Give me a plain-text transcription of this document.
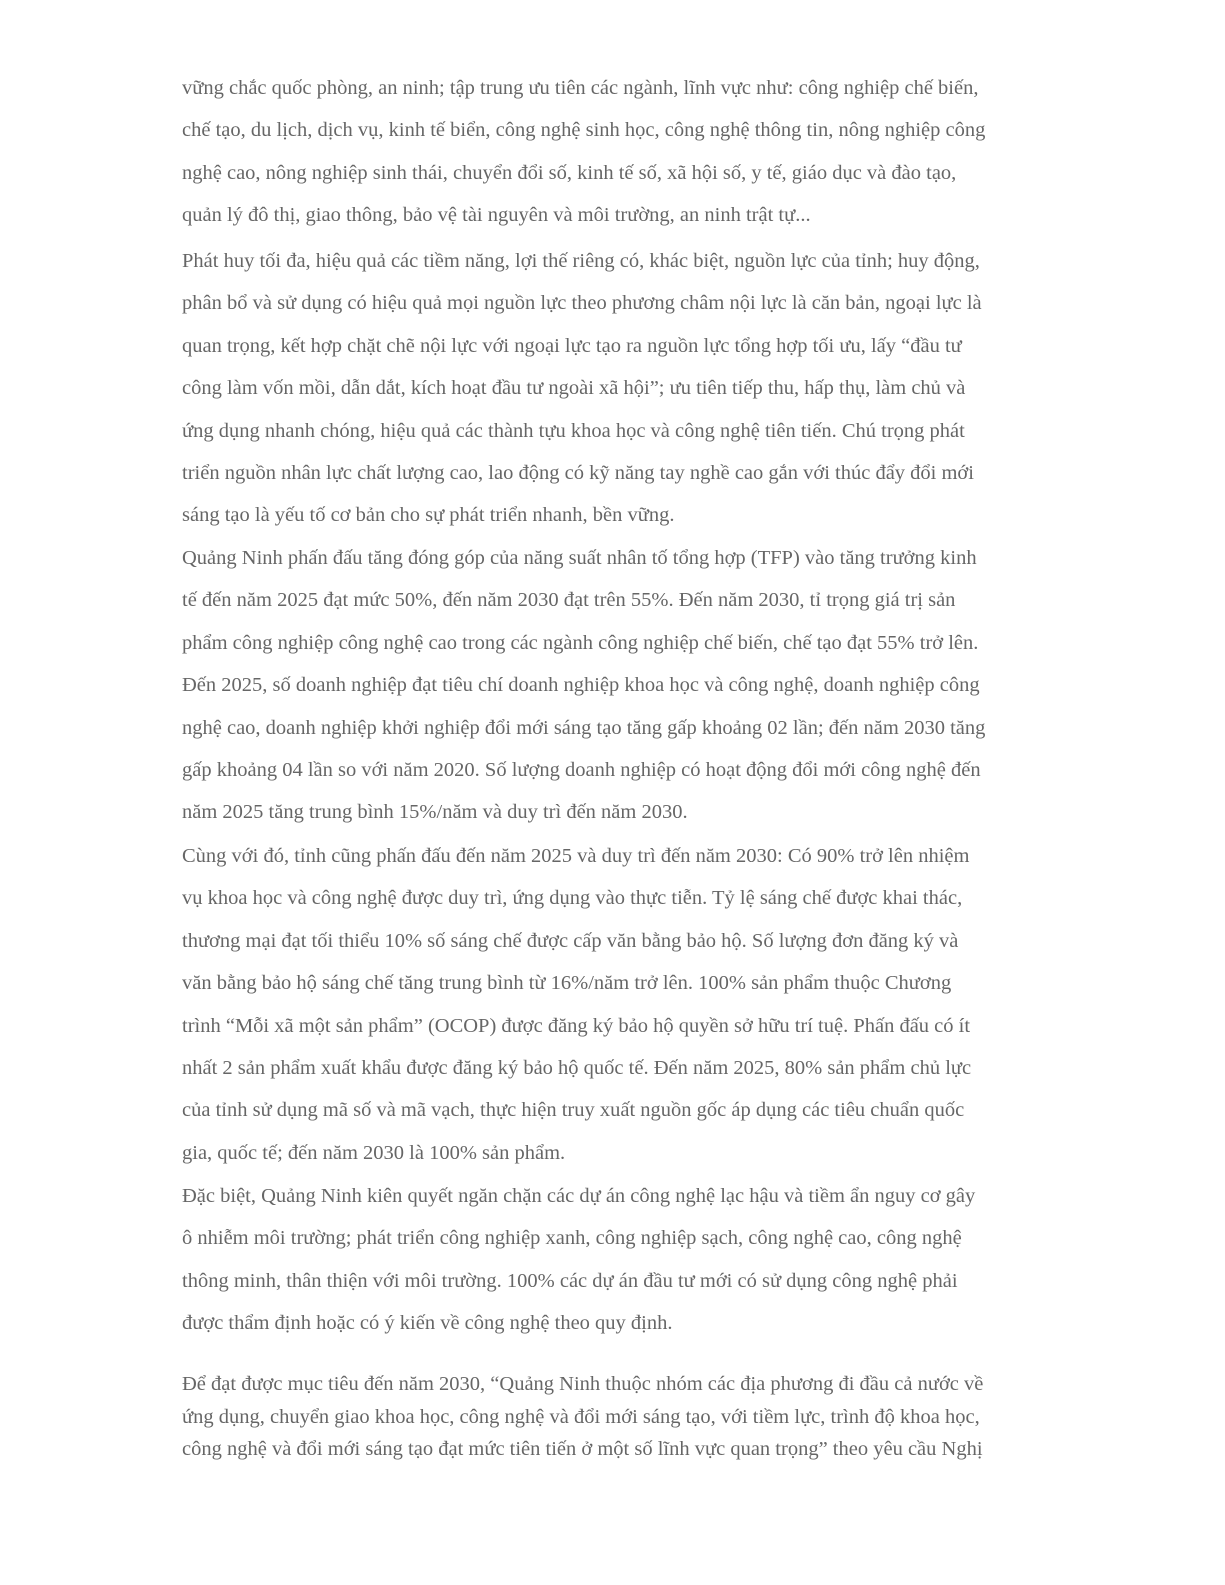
vững chắc quốc phòng, an ninh; tập trung ưu tiên các ngành, lĩnh vực như: công nghiệp chế biến,
chế tạo, du lịch, dịch vụ, kinh tế biển, công nghệ sinh học, công nghệ thông tin, nông nghiệp công
nghệ cao, nông nghiệp sinh thái, chuyển đổi số, kinh tế số, xã hội số, y tế, giáo dục và đào tạo,
quản lý đô thị, giao thông, bảo vệ tài nguyên và môi trường, an ninh trật tự...

Phát huy tối đa, hiệu quả các tiềm năng, lợi thế riêng có, khác biệt, nguồn lực của tỉnh; huy động,
phân bổ và sử dụng có hiệu quả mọi nguồn lực theo phương châm nội lực là căn bản, ngoại lực là
quan trọng, kết hợp chặt chẽ nội lực với ngoại lực tạo ra nguồn lực tổng hợp tối ưu, lấy “đầu tư
công làm vốn mồi, dẫn dắt, kích hoạt đầu tư ngoài xã hội”; ưu tiên tiếp thu, hấp thụ, làm chủ và
ứng dụng nhanh chóng, hiệu quả các thành tựu khoa học và công nghệ tiên tiến. Chú trọng phát
triển nguồn nhân lực chất lượng cao, lao động có kỹ năng tay nghề cao gắn với thúc đẩy đổi mới
sáng tạo là yếu tố cơ bản cho sự phát triển nhanh, bền vững.

Quảng Ninh phấn đấu tăng đóng góp của năng suất nhân tố tổng hợp (TFP) vào tăng trưởng kinh
tế đến năm 2025 đạt mức 50%, đến năm 2030 đạt trên 55%. Đến năm 2030, tỉ trọng giá trị sản
phẩm công nghiệp công nghệ cao trong các ngành công nghiệp chế biến, chế tạo đạt 55% trở lên.
Đến 2025, số doanh nghiệp đạt tiêu chí doanh nghiệp khoa học và công nghệ, doanh nghiệp công
nghệ cao, doanh nghiệp khởi nghiệp đổi mới sáng tạo tăng gấp khoảng 02 lần; đến năm 2030 tăng
gấp khoảng 04 lần so với năm 2020. Số lượng doanh nghiệp có hoạt động đổi mới công nghệ đến
năm 2025 tăng trung bình 15%/năm và duy trì đến năm 2030.

Cùng với đó, tỉnh cũng phấn đấu đến năm 2025 và duy trì đến năm 2030: Có 90% trở lên nhiệm
vụ khoa học và công nghệ được duy trì, ứng dụng vào thực tiễn. Tỷ lệ sáng chế được khai thác,
thương mại đạt tối thiểu 10% số sáng chế được cấp văn bằng bảo hộ. Số lượng đơn đăng ký và
văn bằng bảo hộ sáng chế tăng trung bình từ 16%/năm trở lên. 100% sản phẩm thuộc Chương
trình “Mỗi xã một sản phẩm” (OCOP) được đăng ký bảo hộ quyền sở hữu trí tuệ. Phấn đấu có ít
nhất 2 sản phẩm xuất khẩu được đăng ký bảo hộ quốc tế. Đến năm 2025, 80% sản phẩm chủ lực
của tỉnh sử dụng mã số và mã vạch, thực hiện truy xuất nguồn gốc áp dụng các tiêu chuẩn quốc
gia, quốc tế; đến năm 2030 là 100% sản phẩm.

Đặc biệt, Quảng Ninh kiên quyết ngăn chặn các dự án công nghệ lạc hậu và tiềm ẩn nguy cơ gây
ô nhiễm môi trường; phát triển công nghiệp xanh, công nghiệp sạch, công nghệ cao, công nghệ
thông minh, thân thiện với môi trường. 100% các dự án đầu tư mới có sử dụng công nghệ phải
được thẩm định hoặc có ý kiến về công nghệ theo quy định.

Để đạt được mục tiêu đến năm 2030, “Quảng Ninh thuộc nhóm các địa phương đi đầu cả nước về
ứng dụng, chuyển giao khoa học, công nghệ và đổi mới sáng tạo, với tiềm lực, trình độ khoa học,
công nghệ và đổi mới sáng tạo đạt mức tiên tiến ở một số lĩnh vực quan trọng” theo yêu cầu Nghị
